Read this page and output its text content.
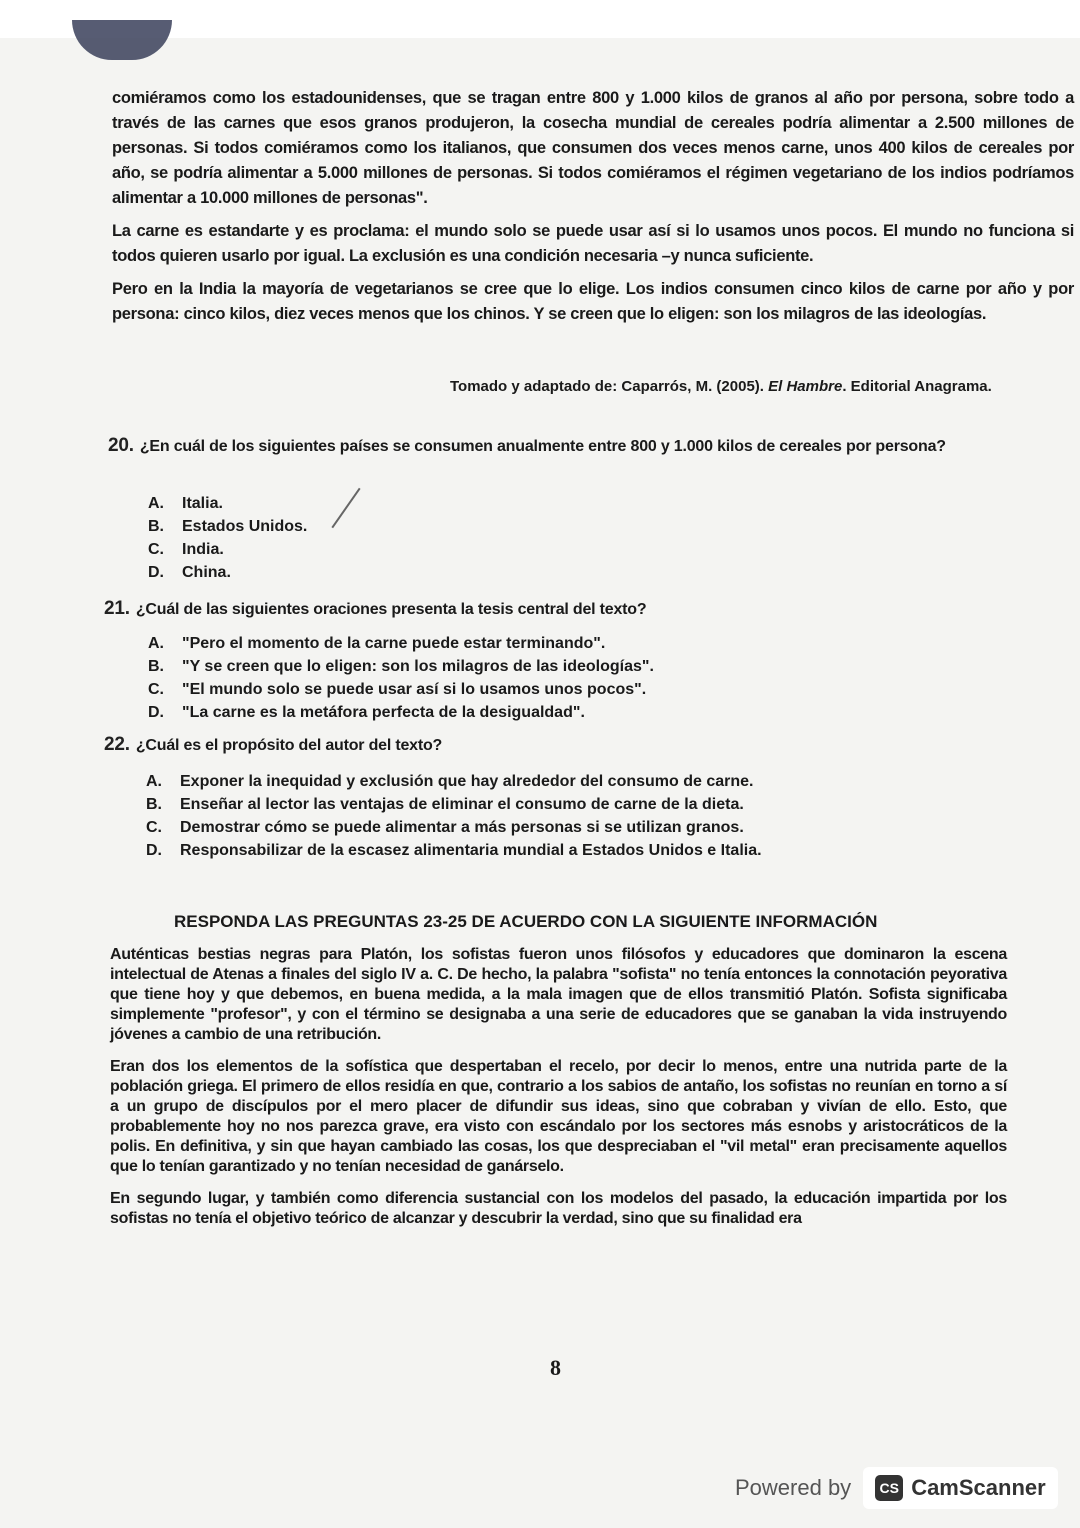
comiéramos como los estadounidenses, que se tragan entre 800 y 1.000 kilos de granos al año por persona, sobre todo a través de las carnes que esos granos produjeron, la cosecha mundial de cereales podría alimentar a 2.500 millones de personas. Si todos comiéramos como los italianos, que consumen dos veces menos carne, unos 400 kilos de cereales por año, se podría alimentar a 5.000 millones de personas. Si todos comiéramos el régimen vegetariano de los indios podríamos alimentar a 10.000 millones de personas".

La carne es estandarte y es proclama: el mundo solo se puede usar así si lo usamos unos pocos. El mundo no funciona si todos quieren usarlo por igual. La exclusión es una condición necesaria –y nunca suficiente.

Pero en la India la mayoría de vegetarianos se cree que lo elige. Los indios consumen cinco kilos de carne por año y por persona: cinco kilos, diez veces menos que los chinos. Y se creen que lo eligen: son los milagros de las ideologías.

Tomado y adaptado de: Caparrós, M. (2005). El Hambre. Editorial Anagrama.
20. ¿En cuál de los siguientes países se consumen anualmente entre 800 y 1.000 kilos de cereales por persona?
A. Italia.
B. Estados Unidos.
C. India.
D. China.
21. ¿Cuál de las siguientes oraciones presenta la tesis central del texto?
A. "Pero el momento de la carne puede estar terminando".
B. "Y se creen que lo eligen: son los milagros de las ideologías".
C. "El mundo solo se puede usar así si lo usamos unos pocos".
D. "La carne es la metáfora perfecta de la desigualdad".
22. ¿Cuál es el propósito del autor del texto?
A. Exponer la inequidad y exclusión que hay alrededor del consumo de carne.
B. Enseñar al lector las ventajas de eliminar el consumo de carne de la dieta.
C. Demostrar cómo se puede alimentar a más personas si se utilizan granos.
D. Responsabilizar de la escasez alimentaria mundial a Estados Unidos e Italia.
RESPONDA LAS PREGUNTAS 23-25 DE ACUERDO CON LA SIGUIENTE INFORMACIÓN

Auténticas bestias negras para Platón, los sofistas fueron unos filósofos y educadores que dominaron la escena intelectual de Atenas a finales del siglo IV a. C. De hecho, la palabra "sofista" no tenía entonces la connotación peyorativa que tiene hoy y que debemos, en buena medida, a la mala imagen que de ellos transmitió Platón. Sofista significaba simplemente "profesor", y con el término se designaba a una serie de educadores que se ganaban la vida instruyendo jóvenes a cambio de una retribución.

Eran dos los elementos de la sofística que despertaban el recelo, por decir lo menos, entre una nutrida parte de la población griega. El primero de ellos residía en que, contrario a los sabios de antaño, los sofistas no reunían en torno a sí a un grupo de discípulos por el mero placer de difundir sus ideas, sino que cobraban y vivían de ello. Esto, que probablemente hoy no nos parezca grave, era visto con escándalo por los sectores más esnobs y aristocráticos de la polis. En definitiva, y sin que hayan cambiado las cosas, los que despreciaban el "vil metal" eran precisamente aquellos que lo tenían garantizado y no tenían necesidad de ganárselo.

En segundo lugar, y también como diferencia sustancial con los modelos del pasado, la educación impartida por los sofistas no tenía el objetivo teórico de alcanzar y descubrir la verdad, sino que su finalidad era

8
Powered by	CS CamScanner
